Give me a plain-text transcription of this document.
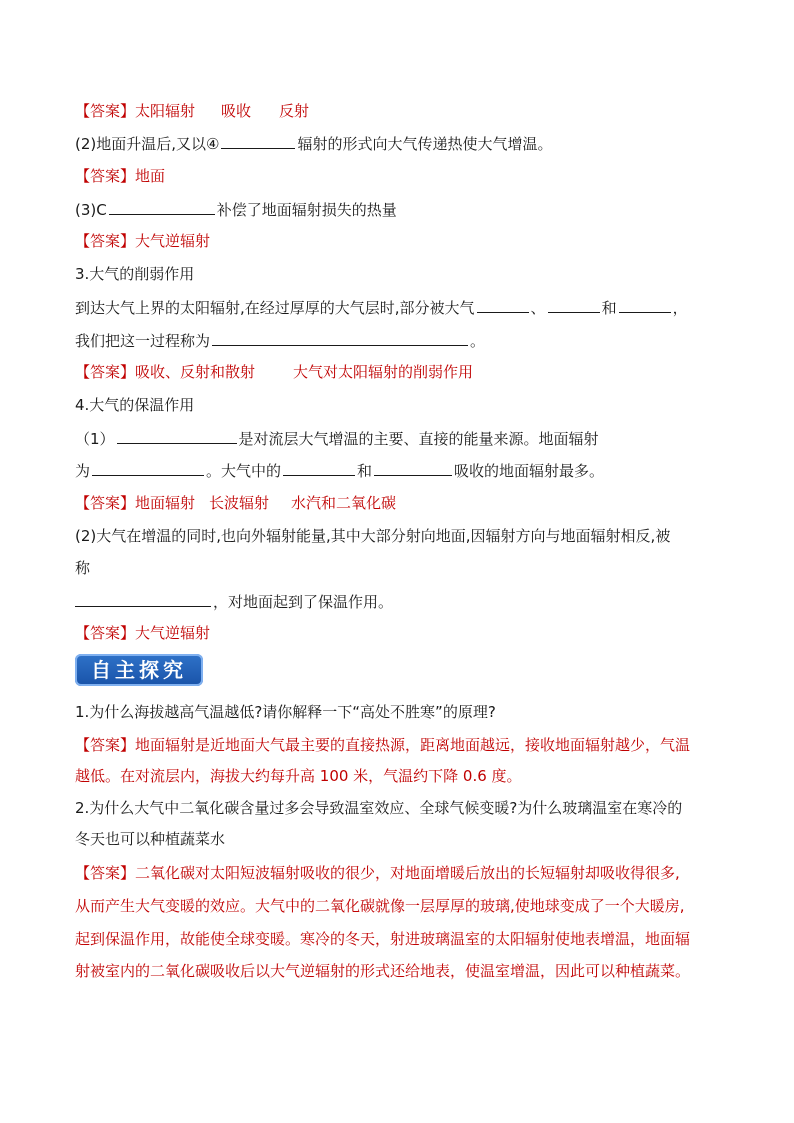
【答案】太阳辐射 吸收 反射
(2)地面升温后,又以④	辐射的形式向大气传递热使大气增温。
【答案】地面
(3)C	补偿了地面辐射损失的热量
【答案】大气逆辐射
3.大气的削弱作用
到达大气上界的太阳辐射,在经过厚厚的大气层时,部分被大气	、	和	，
我们把这一过程称为	。
【答案】吸收、反射和散射	大气对太阳辐射的削弱作用
4.大气的保温作用
（1）	是对流层大气增温的主要、直接的能量来源。地面辐射
为	。大气中的	和	吸收的地面辐射最多。
【答案】地面辐射 长波辐射 水汽和二氧化碳
(2)大气在增温的同时,也向外辐射能量,其中大部分射向地面,因辐射方向与地面辐射相反,被
称
，对地面起到了保温作用。
【答案】大气逆辐射
自主探究
1.为什么海拔越高气温越低?请你解释一下“高处不胜寒”的原理?
【答案】地面辐射是近地面大气最主要的直接热源，距离地面越远，接收地面辐射越少，气温
越低。在对流层内，海拔大约每升高 100 米，气温约下降 0.6 度。
2.为什么大气中二氧化碳含量过多会导致温室效应、全球气候变暖?为什么玻璃温室在寒冷的
冬天也可以种植蔬菜水
【答案】二氧化碳对太阳短波辐射吸收的很少，对地面增暖后放出的长短辐射却吸收得很多,
从而产生大气变暖的效应。大气中的二氧化碳就像一层厚厚的玻璃,使地球变成了一个大暖房,
起到保温作用，故能使全球变暖。寒冷的冬天，射进玻璃温室的太阳辐射使地表增温，地面辐
射被室内的二氧化碳吸收后以大气逆辐射的形式还给地表，使温室增温，因此可以种植蔬菜。
